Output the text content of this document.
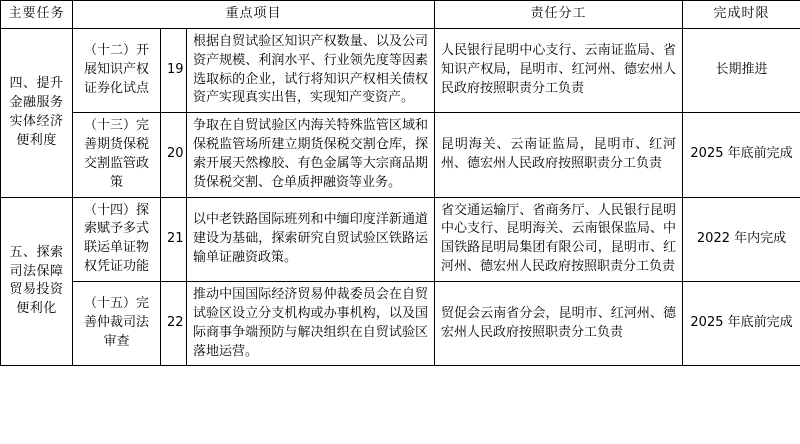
主要任务	重点项目			责任分工	完成时限
四、提升金融服务实体经济便利度	（十二）开展知识产权证券化试点	19	根据自贸试验区知识产权数量、以及公司资产规模、利润水平、行业领先度等因素选取标的企业，试行将知识产权相关债权资产实现真实出售，实现知产变资产。	人民银行昆明中心支行、云南证监局、省知识产权局，昆明市、红河州、德宏州人民政府按照职责分工负责	长期推进
	（十三）完善期货保税交割监管政策	20	争取在自贸试验区内海关特殊监管区域和保税监管场所建立期货保税交割仓库，探索开展天然橡胶、有色金属等大宗商品期货保税交割、仓单质押融资等业务。	昆明海关、云南证监局，昆明市、红河州、德宏州人民政府按照职责分工负责	2025 年底前完成
五、探索司法保障贸易投资便利化	（十四）探索赋予多式联运单证物权凭证功能	21	以中老铁路国际班列和中缅印度洋新通道建设为基础，探索研究自贸试验区铁路运输单证融资政策。	省交通运输厅、省商务厅、人民银行昆明中心支行、昆明海关、云南银保监局、中国铁路昆明局集团有限公司，昆明市、红河州、德宏州人民政府按照职责分工负责	2022 年内完成
	（十五）完善仲裁司法审查	22	推动中国国际经济贸易仲裁委员会在自贸试验区设立分支机构或办事机构，以及国际商事争端预防与解决组织在自贸试验区落地运营。	贸促会云南省分会，昆明市、红河州、德宏州人民政府按照职责分工负责	2025 年底前完成
